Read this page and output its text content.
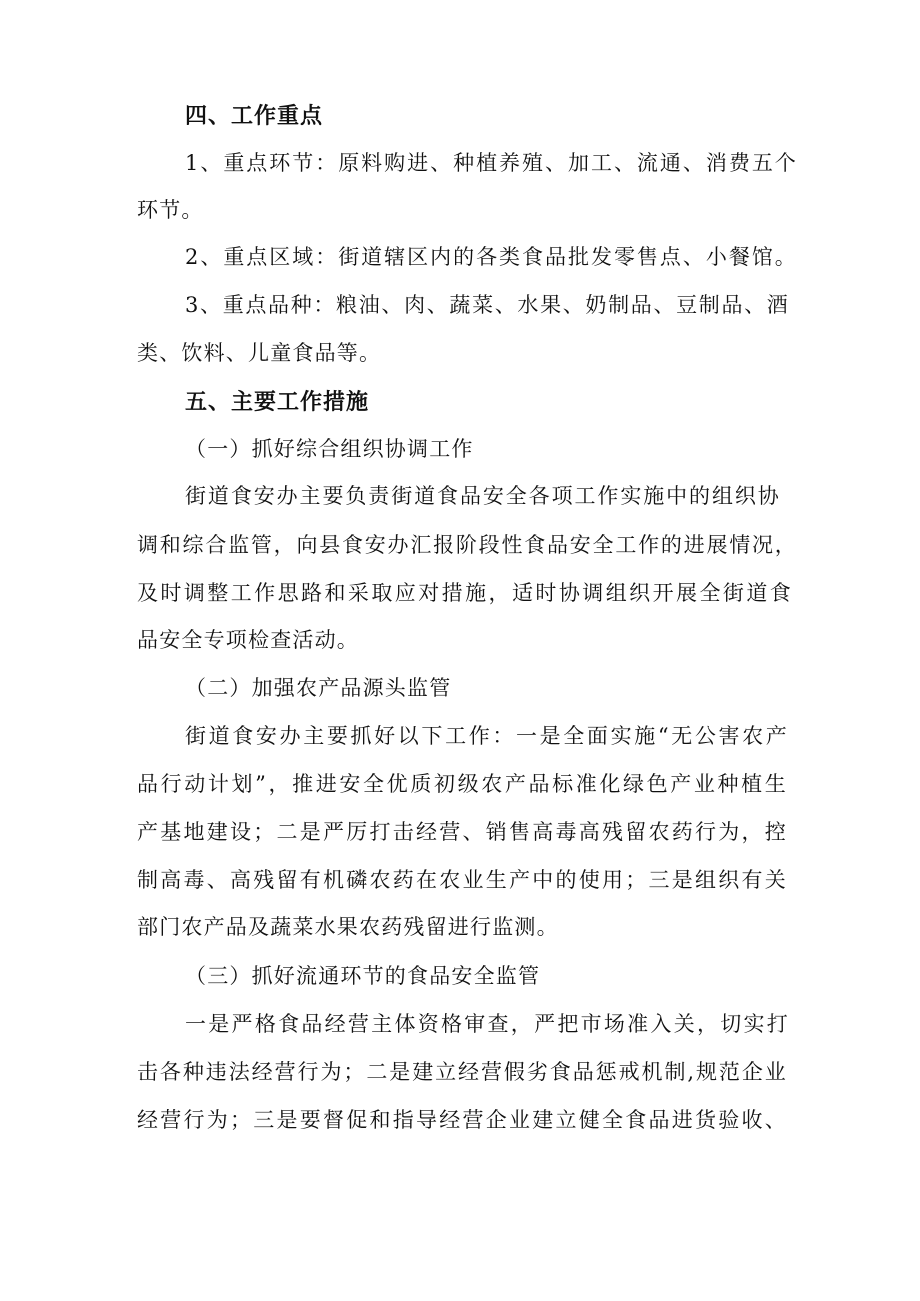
四、工作重点
1、重点环节：原料购进、种植养殖、加工、流通、消费五个
环节。
2、重点区域：街道辖区内的各类食品批发零售点、小餐馆。
3、重点品种：粮油、肉、蔬菜、水果、奶制品、豆制品、酒
类、饮料、儿童食品等。
五、主要工作措施
（一）抓好综合组织协调工作
街道食安办主要负责街道食品安全各项工作实施中的组织协
调和综合监管，向县食安办汇报阶段性食品安全工作的进展情况，
及时调整工作思路和采取应对措施，适时协调组织开展全街道食
品安全专项检查活动。
（二）加强农产品源头监管
街道食安办主要抓好以下工作：一是全面实施“无公害农产
品行动计划”，推进安全优质初级农产品标准化绿色产业种植生
产基地建设；二是严厉打击经营、销售高毒高残留农药行为，控
制高毒、高残留有机磷农药在农业生产中的使用；三是组织有关
部门农产品及蔬菜水果农药残留进行监测。
（三）抓好流通环节的食品安全监管
一是严格食品经营主体资格审查，严把市场准入关，切实打
击各种违法经营行为；二是建立经营假劣食品惩戒机制,规范企业
经营行为；三是要督促和指导经营企业建立健全食品进货验收、
